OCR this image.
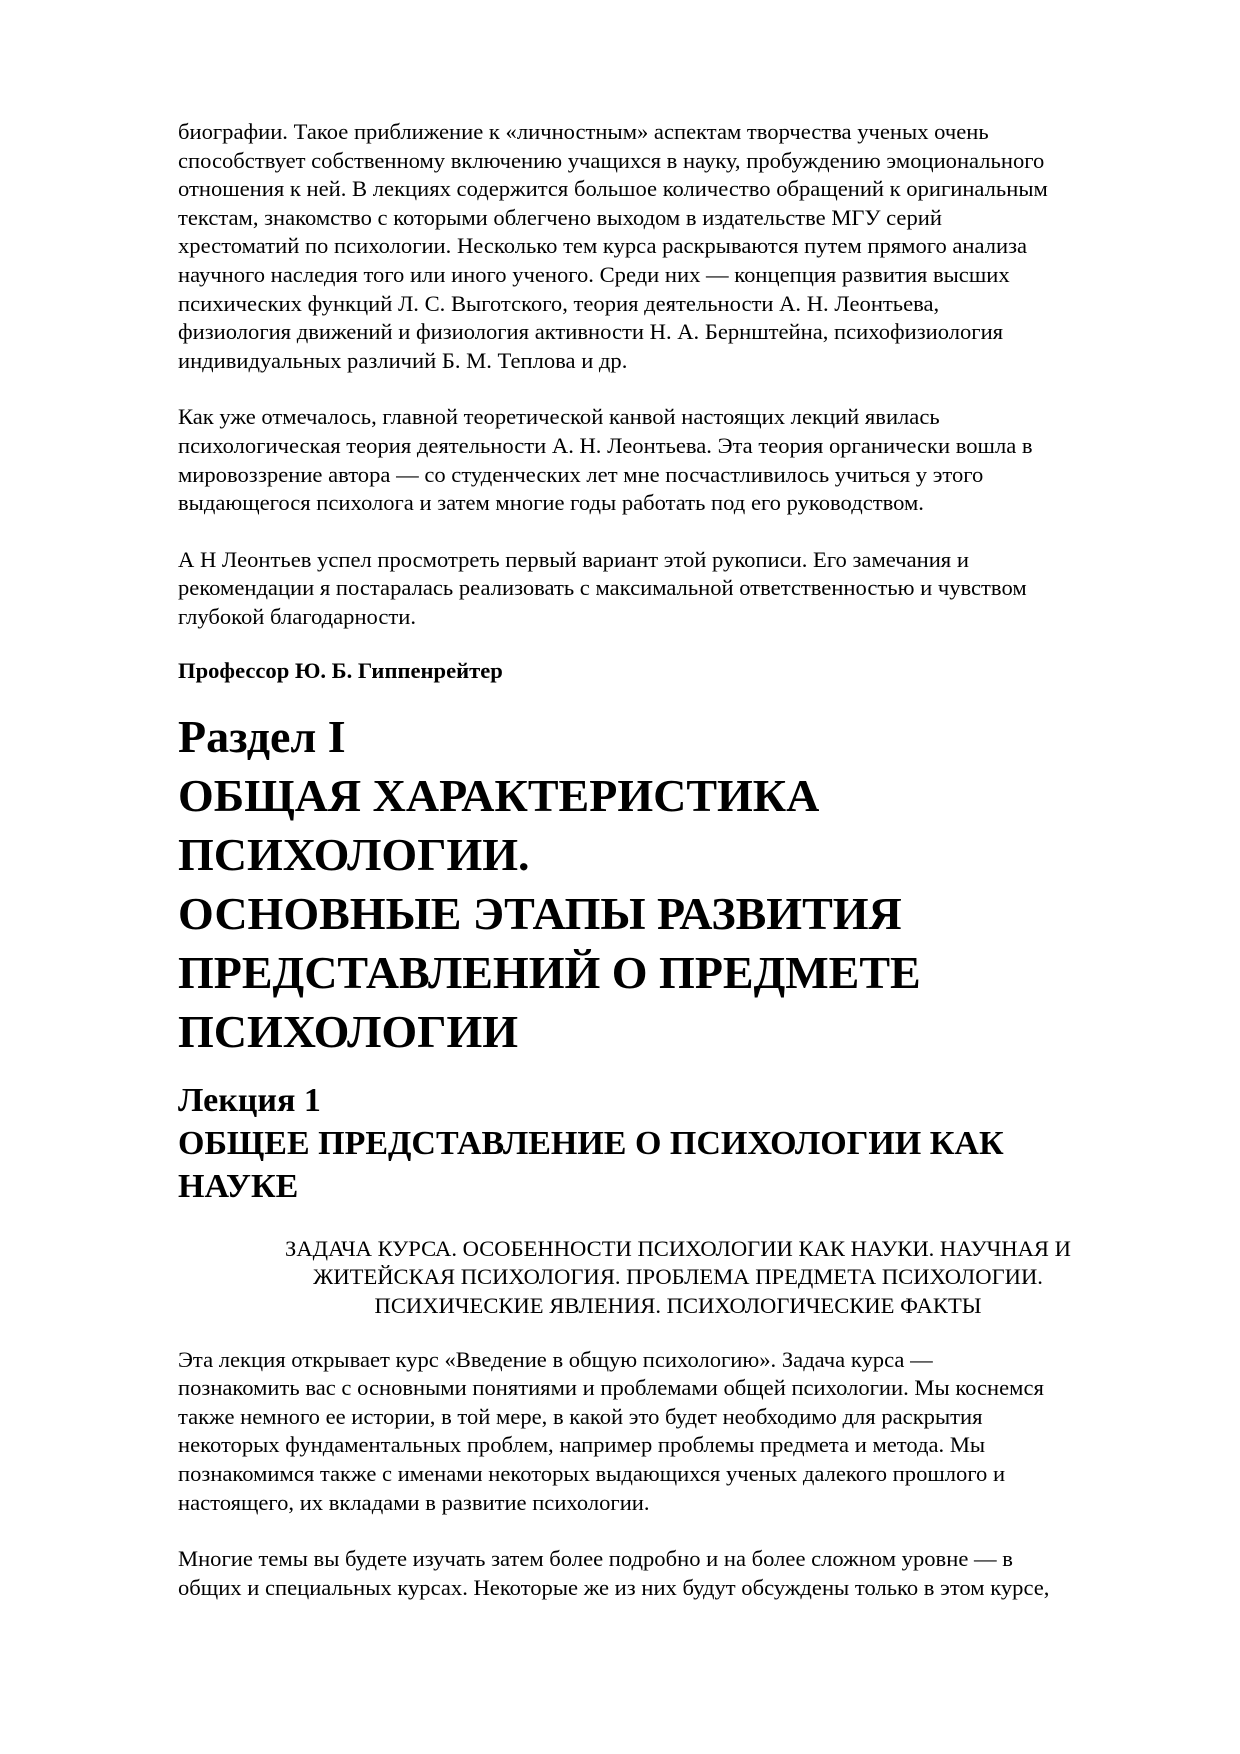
биографии. Такое приближение к «личностным» аспектам творчества ученых очень
способствует собственному включению учащихся в науку, пробуждению эмоционального
отношения к ней. В лекциях содержится большое количество обращений к оригинальным
текстам, знакомство с которыми облегчено выходом в издательстве МГУ серий
хрестоматий по психологии. Несколько тем курса раскрываются путем прямого анализа
научного наследия того или иного ученого. Среди них — концепция развития высших
психических функций Л. С. Выготского, теория деятельности А. Н. Леонтьева,
физиология движений и физиология активности Н. А. Бернштейна, психофизиология
индивидуальных различий Б. М. Теплова и др.

Как уже отмечалось, главной теоретической канвой настоящих лекций явилась
психологическая теория деятельности А. Н. Леонтьева. Эта теория органически вошла в
мировоззрение автора — со студенческих лет мне посчастливилось учиться у этого
выдающегося психолога и затем многие годы работать под его руководством.

А Н Леонтьев успел просмотреть первый вариант этой рукописи. Его замечания и
рекомендации я постаралась реализовать с максимальной ответственностью и чувством
глубокой благодарности.

Профессор Ю. Б. Гиппенрейтер

Раздел I
ОБЩАЯ ХАРАКТЕРИСТИКА
ПСИХОЛОГИИ.
ОСНОВНЫЕ ЭТАПЫ РАЗВИТИЯ
ПРЕДСТАВЛЕНИЙ О ПРЕДМЕТЕ
ПСИХОЛОГИИ
Лекция 1
ОБЩЕЕ ПРЕДСТАВЛЕНИЕ О ПСИХОЛОГИИ КАК
НАУКЕ

ЗАДАЧА КУРСА. ОСОБЕННОСТИ ПСИХОЛОГИИ КАК НАУКИ. НАУЧНАЯ И
ЖИТЕЙСКАЯ ПСИХОЛОГИЯ. ПРОБЛЕМА ПРЕДМЕТА ПСИХОЛОГИИ.
ПСИХИЧЕСКИЕ ЯВЛЕНИЯ. ПСИХОЛОГИЧЕСКИЕ ФАКТЫ

Эта лекция открывает курс «Введение в общую психологию». Задача курса —
познакомить вас с основными понятиями и проблемами общей психологии. Мы коснемся
также немного ее истории, в той мере, в какой это будет необходимо для раскрытия
некоторых фундаментальных проблем, например проблемы предмета и метода. Мы
познакомимся также с именами некоторых выдающихся ученых далекого прошлого и
настоящего, их вкладами в развитие психологии.

Многие темы вы будете изучать затем более подробно и на более сложном уровне — в
общих и специальных курсах. Некоторые же из них будут обсуждены только в этом курсе,
